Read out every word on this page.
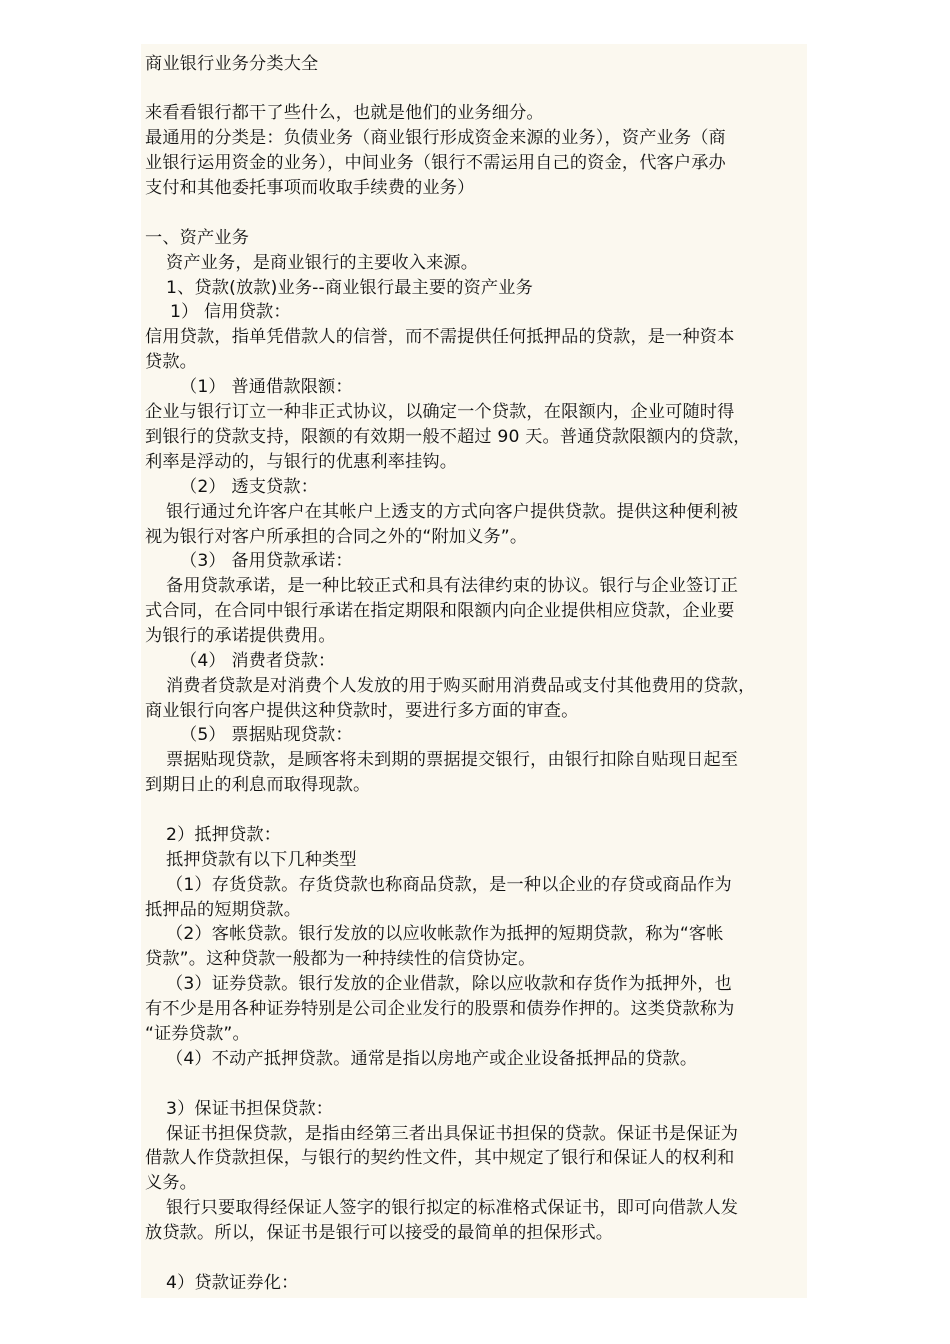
商业银行业务分类大全
来看看银行都干了些什么，也就是他们的业务细分。
最通用的分类是：负债业务（商业银行形成资金来源的业务），资产业务（商
业银行运用资金的业务），中间业务（银行不需运用自己的资金，代客户承办
支付和其他委托事项而收取手续费的业务）
一、资产业务
资产业务，是商业银行的主要收入来源。
1、贷款(放款)业务--商业银行最主要的资产业务
1） 信用贷款：
信用贷款，指单凭借款人的信誉，而不需提供任何抵押品的贷款，是一种资本
贷款。
（1） 普通借款限额：
企业与银行订立一种非正式协议，以确定一个贷款，在限额内，企业可随时得
到银行的贷款支持，限额的有效期一般不超过 90 天。普通贷款限额内的贷款，
利率是浮动的，与银行的优惠利率挂钩。
（2） 透支贷款：
银行通过允许客户在其帐户上透支的方式向客户提供贷款。提供这种便利被
视为银行对客户所承担的合同之外的“附加义务”。
（3） 备用贷款承诺：
备用贷款承诺，是一种比较正式和具有法律约束的协议。银行与企业签订正
式合同，在合同中银行承诺在指定期限和限额内向企业提供相应贷款，企业要
为银行的承诺提供费用。
（4） 消费者贷款：
消费者贷款是对消费个人发放的用于购买耐用消费品或支付其他费用的贷款，
商业银行向客户提供这种贷款时，要进行多方面的审查。
（5） 票据贴现贷款：
票据贴现贷款，是顾客将未到期的票据提交银行，由银行扣除自贴现日起至
到期日止的利息而取得现款。
2）抵押贷款：
抵押贷款有以下几种类型
（1）存货贷款。存货贷款也称商品贷款，是一种以企业的存贷或商品作为
抵押品的短期贷款。
（2）客帐贷款。银行发放的以应收帐款作为抵押的短期贷款，称为“客帐
贷款”。这种贷款一般都为一种持续性的信贷协定。
（3）证券贷款。银行发放的企业借款，除以应收款和存货作为抵押外，也
有不少是用各种证券特别是公司企业发行的股票和债券作押的。这类贷款称为
“证券贷款”。
（4）不动产抵押贷款。通常是指以房地产或企业设备抵押品的贷款。
3）保证书担保贷款：
保证书担保贷款，是指由经第三者出具保证书担保的贷款。保证书是保证为
借款人作贷款担保，与银行的契约性文件，其中规定了银行和保证人的权利和
义务。
银行只要取得经保证人签字的银行拟定的标准格式保证书，即可向借款人发
放贷款。所以，保证书是银行可以接受的最简单的担保形式。
4）贷款证券化：
